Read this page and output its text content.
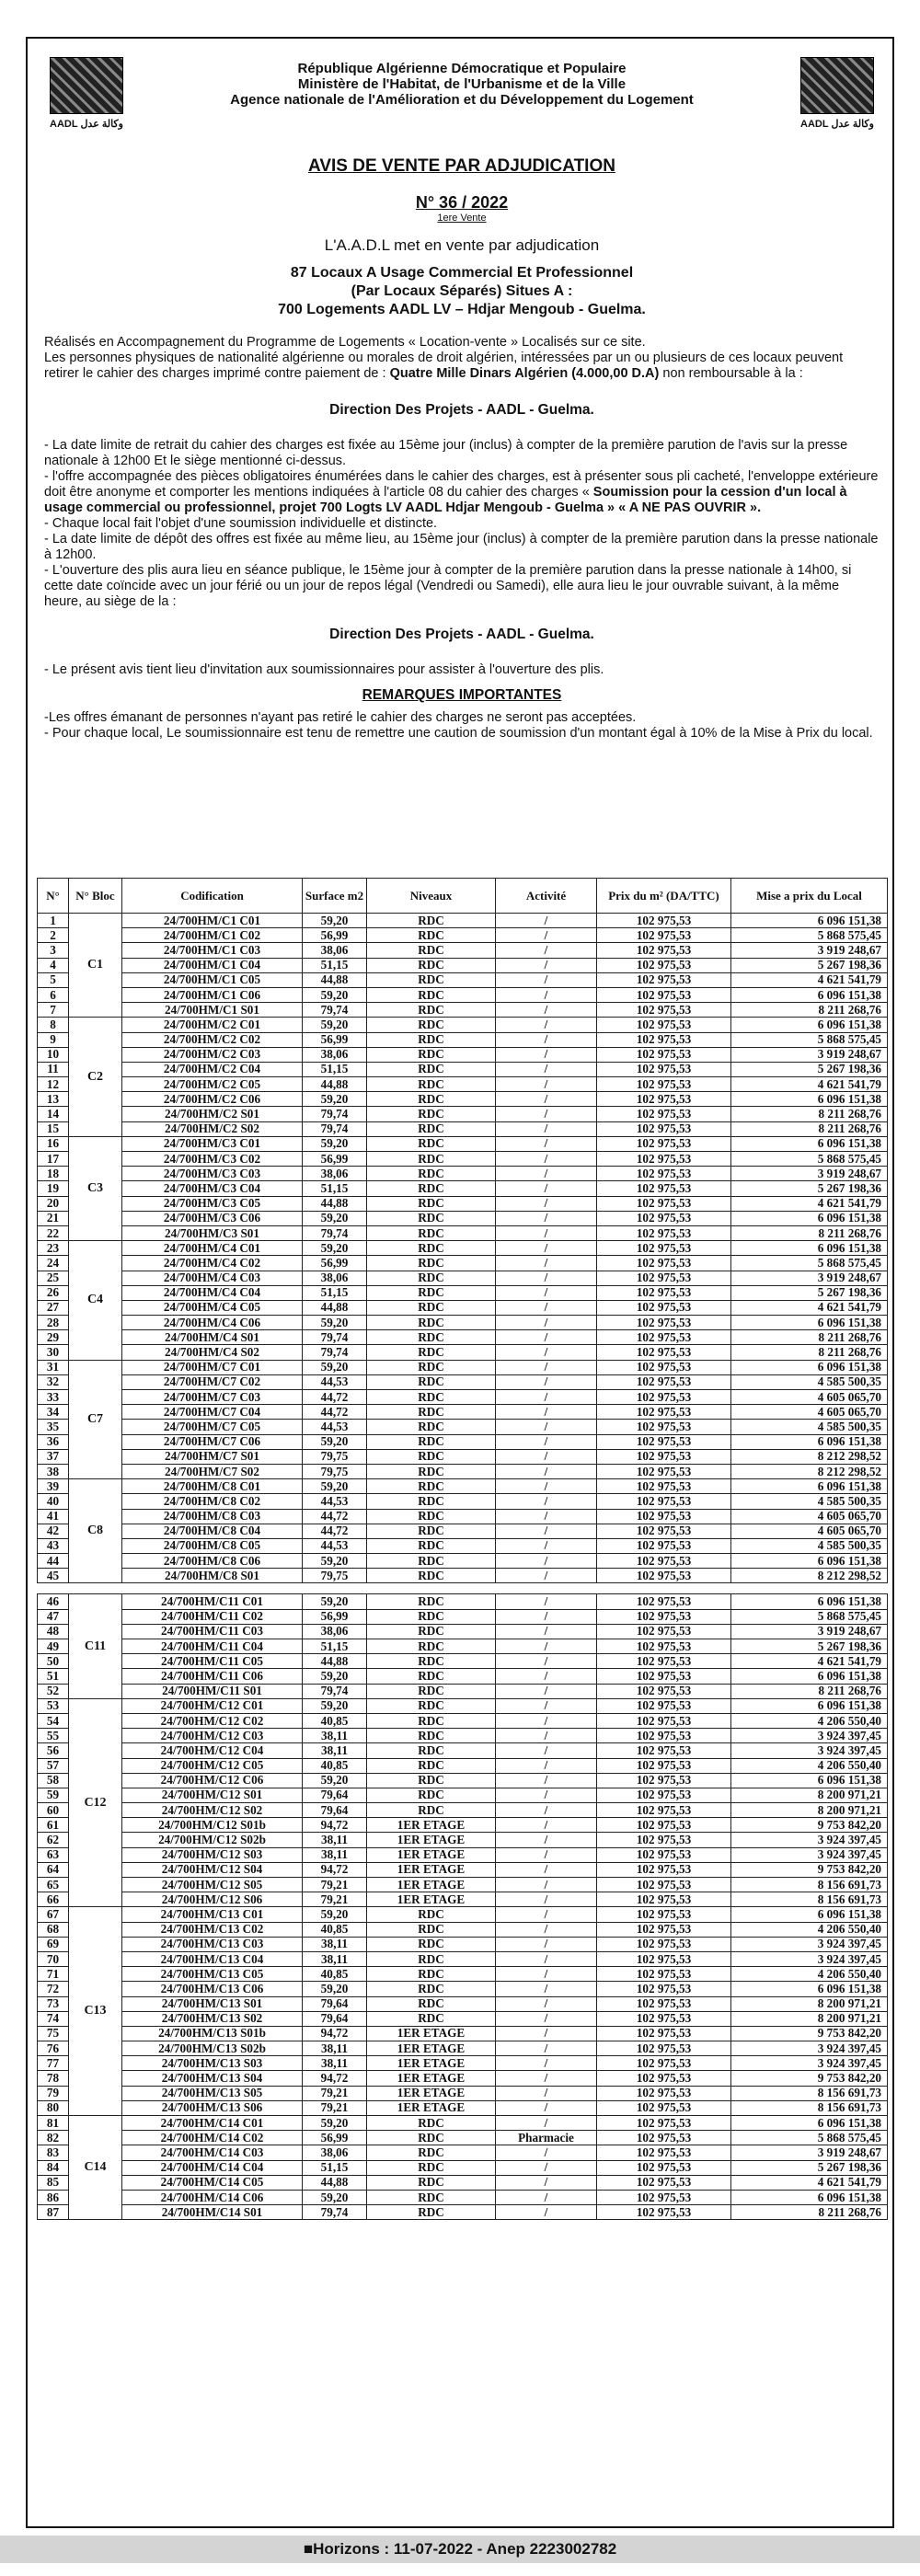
AADL وكالة عدل
République Algérienne Démocratique et Populaire
Ministère de l'Habitat, de l'Urbanisme et de la Ville
Agence nationale de l'Amélioration et du Développement du Logement
AADL وكالة عدل
AVIS DE VENTE PAR ADJUDICATION
N° 36 / 2022
1ere Vente
L'A.A.D.L met en vente par adjudication
87 Locaux A Usage Commercial Et Professionnel
(Par Locaux Séparés) Situes A :
700 Logements AADL LV – Hdjar Mengoub - Guelma.

Réalisés en Accompagnement du Programme de Logements « Location-vente » Localisés sur ce site.

Les personnes physiques de nationalité algérienne ou morales de droit algérien, intéressées par un ou plusieurs de ces locaux peuvent retirer le cahier des charges imprimé contre paiement de : Quatre Mille Dinars Algérien (4.000,00 D.A) non remboursable à la :

Direction Des Projets - AADL - Guelma.

- La date limite de retrait du cahier des charges est fixée au 15ème jour (inclus) à compter de la première parution de l'avis sur la presse nationale à 12h00 Et le siège mentionné ci-dessus.

- l'offre accompagnée des pièces obligatoires énumérées dans le cahier des charges, est à présenter sous pli cacheté, l'enveloppe extérieure doit être anonyme et comporter les mentions indiquées à l'article 08 du cahier des charges « Soumission pour la cession d'un local à usage commercial ou professionnel, projet 700 Logts LV AADL Hdjar Mengoub - Guelma » « A NE PAS OUVRIR ».

- Chaque local fait l'objet d'une soumission individuelle et distincte.

- La date limite de dépôt des offres est fixée au même lieu, au 15ème jour (inclus) à compter de la première parution dans la presse nationale à 12h00.

- L'ouverture des plis aura lieu en séance publique, le 15ème jour à compter de la première parution dans la presse nationale à 14h00, si cette date coïncide avec un jour férié ou un jour de repos légal (Vendredi ou Samedi), elle aura lieu le jour ouvrable suivant, à la même heure, au siège de la :

Direction Des Projets - AADL - Guelma.

- Le présent avis tient lieu d'invitation aux soumissionnaires pour assister à l'ouverture des plis.

REMARQUES IMPORTANTES

-Les offres émanant de personnes n'ayant pas retiré le cahier des charges ne seront pas acceptées.

- Pour chaque local, Le soumissionnaire est tenu de remettre une caution de soumission d'un montant égal à 10% de la Mise à Prix du local.

N°	N° Bloc	Codification	Surface m2	Niveaux	Activité	Prix du m² (DA/TTC)	Mise a prix du Local
1	C1	24/700HM/C1 C01	59,20	RDC	/	102 975,53	6 096 151,38
2		24/700HM/C1 C02	56,99	RDC	/	102 975,53	5 868 575,45
3		24/700HM/C1 C03	38,06	RDC	/	102 975,53	3 919 248,67
4		24/700HM/C1 C04	51,15	RDC	/	102 975,53	5 267 198,36
5		24/700HM/C1 C05	44,88	RDC	/	102 975,53	4 621 541,79
6		24/700HM/C1 C06	59,20	RDC	/	102 975,53	6 096 151,38
7		24/700HM/C1 S01	79,74	RDC	/	102 975,53	8 211 268,76
8	C2	24/700HM/C2 C01	59,20	RDC	/	102 975,53	6 096 151,38
9		24/700HM/C2 C02	56,99	RDC	/	102 975,53	5 868 575,45
10		24/700HM/C2 C03	38,06	RDC	/	102 975,53	3 919 248,67
11		24/700HM/C2 C04	51,15	RDC	/	102 975,53	5 267 198,36
12		24/700HM/C2 C05	44,88	RDC	/	102 975,53	4 621 541,79
13		24/700HM/C2 C06	59,20	RDC	/	102 975,53	6 096 151,38
14		24/700HM/C2 S01	79,74	RDC	/	102 975,53	8 211 268,76
15		24/700HM/C2 S02	79,74	RDC	/	102 975,53	8 211 268,76
16	C3	24/700HM/C3 C01	59,20	RDC	/	102 975,53	6 096 151,38
17		24/700HM/C3 C02	56,99	RDC	/	102 975,53	5 868 575,45
18		24/700HM/C3 C03	38,06	RDC	/	102 975,53	3 919 248,67
19		24/700HM/C3 C04	51,15	RDC	/	102 975,53	5 267 198,36
20		24/700HM/C3 C05	44,88	RDC	/	102 975,53	4 621 541,79
21		24/700HM/C3 C06	59,20	RDC	/	102 975,53	6 096 151,38
22		24/700HM/C3 S01	79,74	RDC	/	102 975,53	8 211 268,76
23	C4	24/700HM/C4 C01	59,20	RDC	/	102 975,53	6 096 151,38
24		24/700HM/C4 C02	56,99	RDC	/	102 975,53	5 868 575,45
25		24/700HM/C4 C03	38,06	RDC	/	102 975,53	3 919 248,67
26		24/700HM/C4 C04	51,15	RDC	/	102 975,53	5 267 198,36
27		24/700HM/C4 C05	44,88	RDC	/	102 975,53	4 621 541,79
28		24/700HM/C4 C06	59,20	RDC	/	102 975,53	6 096 151,38
29		24/700HM/C4 S01	79,74	RDC	/	102 975,53	8 211 268,76
30		24/700HM/C4 S02	79,74	RDC	/	102 975,53	8 211 268,76
31	C7	24/700HM/C7 C01	59,20	RDC	/	102 975,53	6 096 151,38
32		24/700HM/C7 C02	44,53	RDC	/	102 975,53	4 585 500,35
33		24/700HM/C7 C03	44,72	RDC	/	102 975,53	4 605 065,70
34		24/700HM/C7 C04	44,72	RDC	/	102 975,53	4 605 065,70
35		24/700HM/C7 C05	44,53	RDC	/	102 975,53	4 585 500,35
36		24/700HM/C7 C06	59,20	RDC	/	102 975,53	6 096 151,38
37		24/700HM/C7 S01	79,75	RDC	/	102 975,53	8 212 298,52
38		24/700HM/C7 S02	79,75	RDC	/	102 975,53	8 212 298,52
39	C8	24/700HM/C8 C01	59,20	RDC	/	102 975,53	6 096 151,38
40		24/700HM/C8 C02	44,53	RDC	/	102 975,53	4 585 500,35
41		24/700HM/C8 C03	44,72	RDC	/	102 975,53	4 605 065,70
42		24/700HM/C8 C04	44,72	RDC	/	102 975,53	4 605 065,70
43		24/700HM/C8 C05	44,53	RDC	/	102 975,53	4 585 500,35
44		24/700HM/C8 C06	59,20	RDC	/	102 975,53	6 096 151,38
45		24/700HM/C8 S01	79,75	RDC	/	102 975,53	8 212 298,52

46	C11	24/700HM/C11 C01	59,20	RDC	/	102 975,53	6 096 151,38
47		24/700HM/C11 C02	56,99	RDC	/	102 975,53	5 868 575,45
48		24/700HM/C11 C03	38,06	RDC	/	102 975,53	3 919 248,67
49		24/700HM/C11 C04	51,15	RDC	/	102 975,53	5 267 198,36
50		24/700HM/C11 C05	44,88	RDC	/	102 975,53	4 621 541,79
51		24/700HM/C11 C06	59,20	RDC	/	102 975,53	6 096 151,38
52		24/700HM/C11 S01	79,74	RDC	/	102 975,53	8 211 268,76
53	C12	24/700HM/C12 C01	59,20	RDC	/	102 975,53	6 096 151,38
54		24/700HM/C12 C02	40,85	RDC	/	102 975,53	4 206 550,40
55		24/700HM/C12 C03	38,11	RDC	/	102 975,53	3 924 397,45
56		24/700HM/C12 C04	38,11	RDC	/	102 975,53	3 924 397,45
57		24/700HM/C12 C05	40,85	RDC	/	102 975,53	4 206 550,40
58		24/700HM/C12 C06	59,20	RDC	/	102 975,53	6 096 151,38
59		24/700HM/C12 S01	79,64	RDC	/	102 975,53	8 200 971,21
60		24/700HM/C12 S02	79,64	RDC	/	102 975,53	8 200 971,21
61		24/700HM/C12 S01b	94,72	1ER ETAGE	/	102 975,53	9 753 842,20
62		24/700HM/C12 S02b	38,11	1ER ETAGE	/	102 975,53	3 924 397,45
63		24/700HM/C12 S03	38,11	1ER ETAGE	/	102 975,53	3 924 397,45
64		24/700HM/C12 S04	94,72	1ER ETAGE	/	102 975,53	9 753 842,20
65		24/700HM/C12 S05	79,21	1ER ETAGE	/	102 975,53	8 156 691,73
66		24/700HM/C12 S06	79,21	1ER ETAGE	/	102 975,53	8 156 691,73
67	C13	24/700HM/C13 C01	59,20	RDC	/	102 975,53	6 096 151,38
68		24/700HM/C13 C02	40,85	RDC	/	102 975,53	4 206 550,40
69		24/700HM/C13 C03	38,11	RDC	/	102 975,53	3 924 397,45
70		24/700HM/C13 C04	38,11	RDC	/	102 975,53	3 924 397,45
71		24/700HM/C13 C05	40,85	RDC	/	102 975,53	4 206 550,40
72		24/700HM/C13 C06	59,20	RDC	/	102 975,53	6 096 151,38
73		24/700HM/C13 S01	79,64	RDC	/	102 975,53	8 200 971,21
74		24/700HM/C13 S02	79,64	RDC	/	102 975,53	8 200 971,21
75		24/700HM/C13 S01b	94,72	1ER ETAGE	/	102 975,53	9 753 842,20
76		24/700HM/C13 S02b	38,11	1ER ETAGE	/	102 975,53	3 924 397,45
77		24/700HM/C13 S03	38,11	1ER ETAGE	/	102 975,53	3 924 397,45
78		24/700HM/C13 S04	94,72	1ER ETAGE	/	102 975,53	9 753 842,20
79		24/700HM/C13 S05	79,21	1ER ETAGE	/	102 975,53	8 156 691,73
80		24/700HM/C13 S06	79,21	1ER ETAGE	/	102 975,53	8 156 691,73
81	C14	24/700HM/C14 C01	59,20	RDC	/	102 975,53	6 096 151,38
82		24/700HM/C14 C02	56,99	RDC	Pharmacie	102 975,53	5 868 575,45
83		24/700HM/C14 C03	38,06	RDC	/	102 975,53	3 919 248,67
84		24/700HM/C14 C04	51,15	RDC	/	102 975,53	5 267 198,36
85		24/700HM/C14 C05	44,88	RDC	/	102 975,53	4 621 541,79
86		24/700HM/C14 C06	59,20	RDC	/	102 975,53	6 096 151,38
87		24/700HM/C14 S01	79,74	RDC	/	102 975,53	8 211 268,76
■Horizons : 11-07-2022 - Anep 2223002782
